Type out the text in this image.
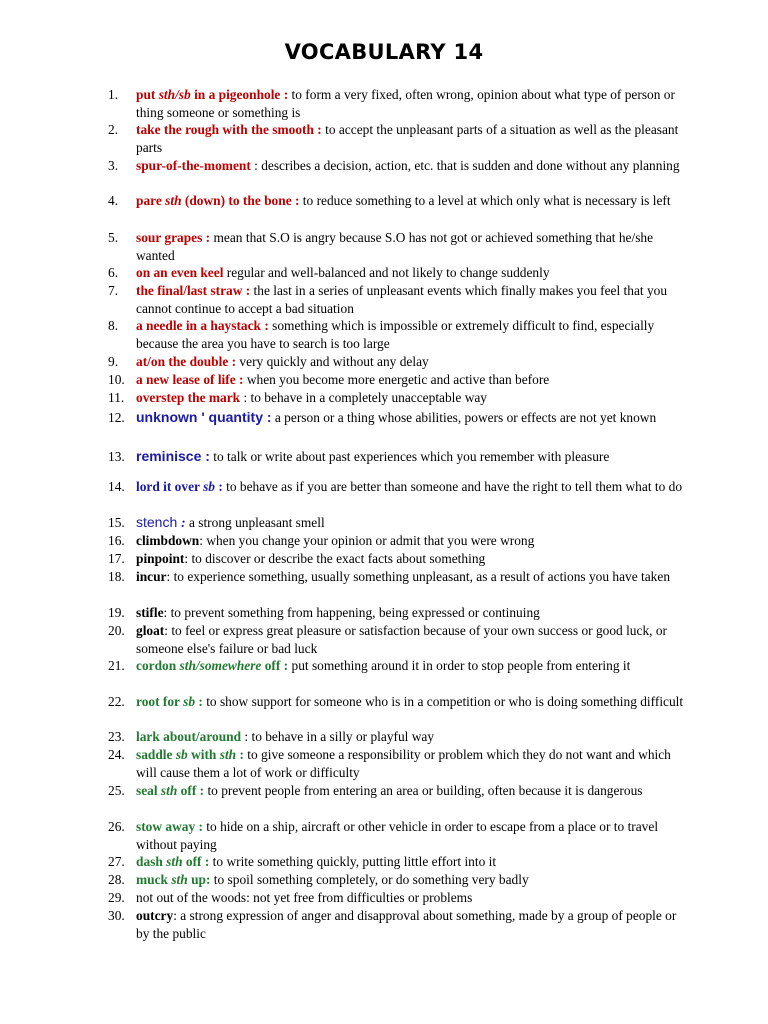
VOCABULARY 14
1.	put sth/sb in a pigeonhole : to form a very fixed, often wrong, opinion about what type of person or thing someone or something is
2.	take the rough with the smooth : to accept the unpleasant parts of a situation as well as the pleasant parts
3.	spur-of-the-moment : describes a decision, action, etc. that is sudden and done without any planning
4.	pare sth (down) to the bone : to reduce something to a level at which only what is necessary is left
5.	sour grapes : mean that S.O is angry because S.O has not got or achieved something that he/she wanted
6.	on an even keel regular and well-balanced and not likely to change suddenly
7.	the final/last straw : the last in a series of unpleasant events which finally makes you feel that you cannot continue to accept a bad situation
8.	a needle in a haystack : something which is impossible or extremely difficult to find, especially because the area you have to search is too large
9.	at/on the double : very quickly and without any delay
10. a new lease of life : when you become more energetic and active than before
11. overstep the mark : to behave in a completely unacceptable way
12. unknown ' quantity : a person or a thing whose abilities, powers or effects are not yet known
13. reminisce : to talk or write about past experiences which you remember with pleasure
14. lord it over sb : to behave as if you are better than someone and have the right to tell them what to do
15. stench : a strong unpleasant smell
16. climbdown: when you change your opinion or admit that you were wrong
17. pinpoint: to discover or describe the exact facts about something
18. incur: to experience something, usually something unpleasant, as a result of actions you have taken
19. stifle: to prevent something from happening, being expressed or continuing
20. gloat: to feel or express great pleasure or satisfaction because of your own success or good luck, or someone else's failure or bad luck
21. cordon sth/somewhere off : put something around it in order to stop people from entering it
22. root for sb : to show support for someone who is in a competition or who is doing something difficult
23. lark about/around : to behave in a silly or playful way
24. saddle sb with sth : to give someone a responsibility or problem which they do not want and which will cause them a lot of work or difficulty
25. seal sth off : to prevent people from entering an area or building, often because it is dangerous
26. stow away : to hide on a ship, aircraft or other vehicle in order to escape from a place or to travel without paying
27. dash sth off : to write something quickly, putting little effort into it
28. muck sth up: to spoil something completely, or do something very badly
29. not out of the woods: not yet free from difficulties or problems
30. outcry: a strong expression of anger and disapproval about something, made by a group of people or by the public
